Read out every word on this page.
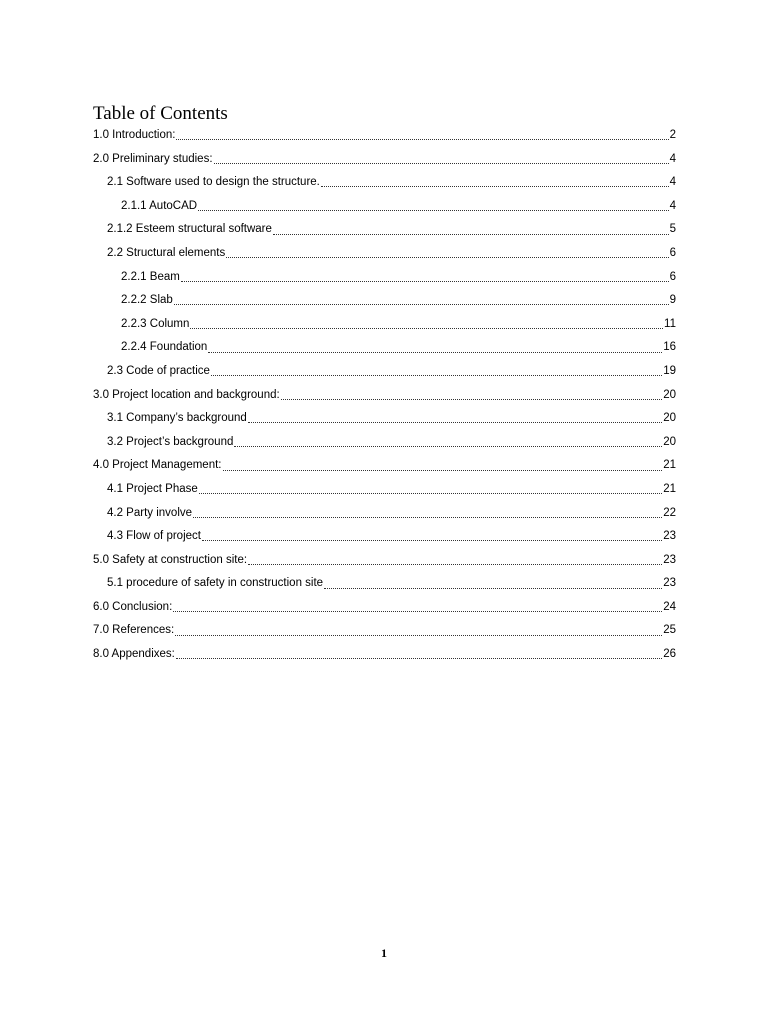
Table of Contents
1.0 Introduction:	2
2.0 Preliminary studies:	4
2.1 Software used to design the structure.	4
2.1.1 AutoCAD	4
2.1.2 Esteem structural software	5
2.2 Structural elements	6
2.2.1 Beam	6
2.2.2 Slab	9
2.2.3 Column	11
2.2.4 Foundation	16
2.3 Code of practice	19
3.0 Project location and background:	20
3.1 Company’s background	20
3.2 Project’s background	20
4.0 Project Management:	21
4.1 Project Phase	21
4.2 Party involve	22
4.3 Flow of project	23
5.0 Safety at construction site:	23
5.1 procedure of safety in construction site	23
6.0 Conclusion:	24
7.0 References:	25
8.0 Appendixes:	26
1
